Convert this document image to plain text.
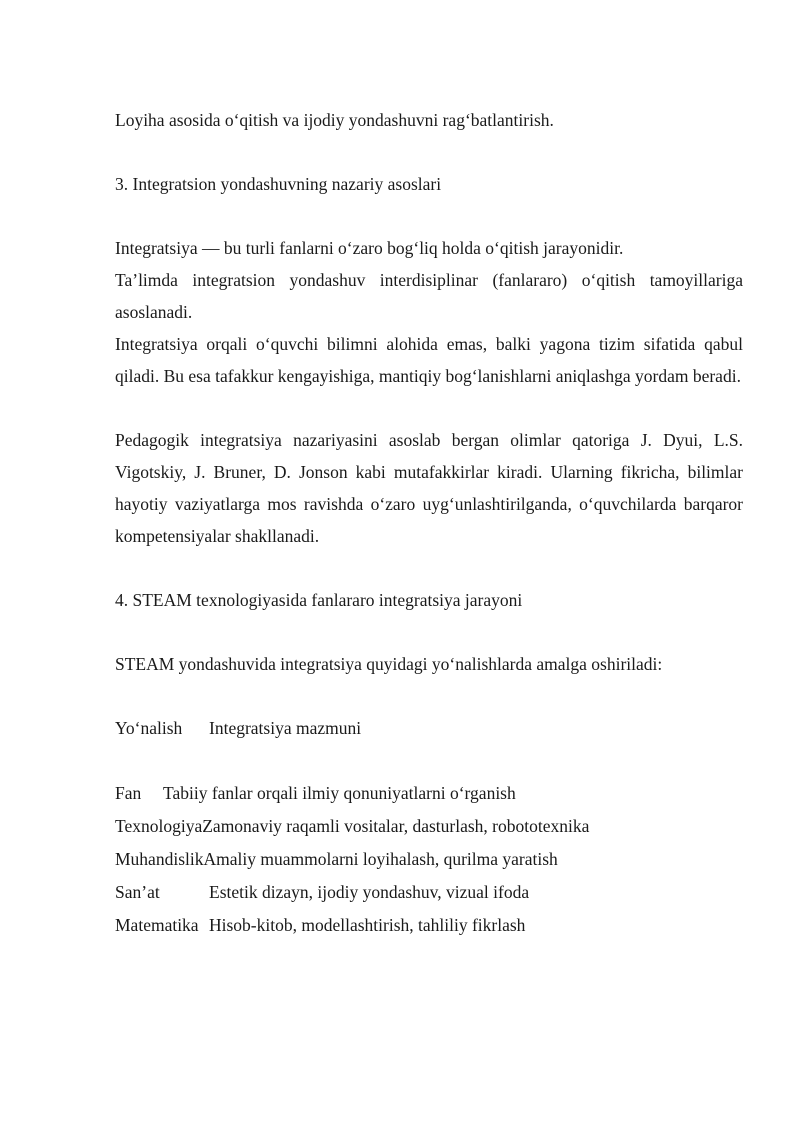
Loyiha asosida o‘qitish va ijodiy yondashuvni rag‘batlantirish.

3. Integratsion yondashuvning nazariy asoslari

Integratsiya — bu turli fanlarni o‘zaro bog‘liq holda o‘qitish jarayonidir.

Ta’limda integratsion yondashuv interdisiplinar (fanlararo) o‘qitish tamoyillariga asoslanadi.

Integratsiya orqali o‘quvchi bilimni alohida emas, balki yagona tizim sifatida qabul qiladi. Bu esa tafakkur kengayishiga, mantiqiy bog‘lanishlarni aniqlashga yordam beradi.

Pedagogik integratsiya nazariyasini asoslab bergan olimlar qatoriga J. Dyui, L.S. Vigotskiy, J. Bruner, D. Jonson kabi mutafakkirlar kiradi. Ularning fikricha, bilimlar hayotiy vaziyatlarga mos ravishda o‘zaro uyg‘unlashtirilganda, o‘quvchilarda barqaror kompetensiyalar shakllanadi.

4. STEAM texnologiyasida fanlararo integratsiya jarayoni

STEAM yondashuvida integratsiya quyidagi yo‘nalishlarda amalga oshiriladi:

Yo‘nalish	Integratsiya mazmuni
Fan	Tabiiy fanlar orqali ilmiy qonuniyatlarni o‘rganish
Texnologiya Zamonaviy raqamli vositalar, dasturlash, robototexnika
Muhandislik Amaliy muammolarni loyihalash, qurilma yaratish
San’at	Estetik dizayn, ijodiy yondashuv, vizual ifoda
Matematika Hisob-kitob, modellashtirish, tahliliy fikrlash
